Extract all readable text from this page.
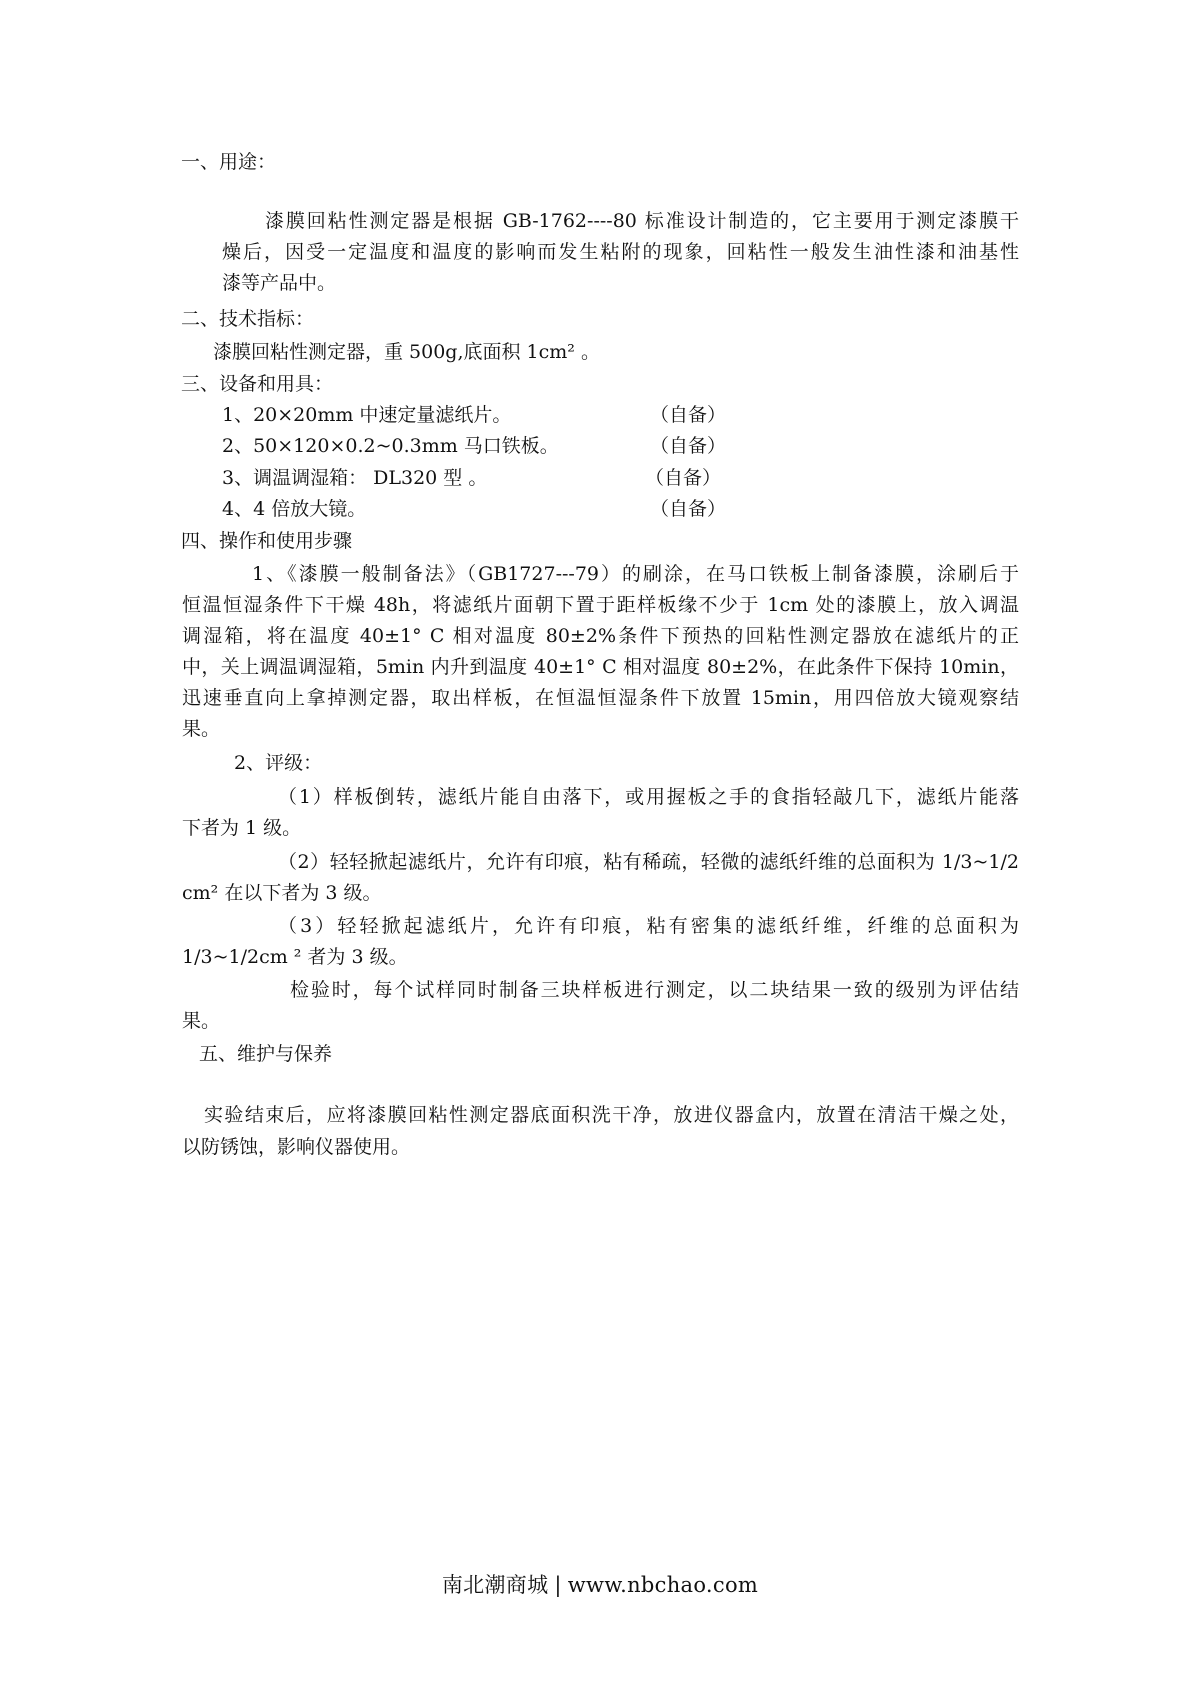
一、用途：
漆膜回粘性测定器是根据 GB-1762----80 标准设计制造的，它主要用于测定漆膜干
燥后，因受一定温度和温度的影响而发生粘附的现象，回粘性一般发生油性漆和油基性
漆等产品中。
二、技术指标：
漆膜回粘性测定器，重 500g,底面积 1cm² 。
三、设备和用具：
1、20×20mm 中速定量滤纸片。	（自备）
2、50×120×0.2~0.3mm 马口铁板。	（自备）
3、调温调湿箱： DL320 型 。	（自备）
4、4 倍放大镜。	（自备）
四、操作和使用步骤
1、《漆膜一般制备法》（GB1727---79）的刷涂，在马口铁板上制备漆膜，涂刷后于
恒温恒湿条件下干燥 48h，将滤纸片面朝下置于距样板缘不少于 1cm 处的漆膜上，放入调温
调湿箱，将在温度 40±1° C 相对温度 80±2%条件下预热的回粘性测定器放在滤纸片的正
中，关上调温调湿箱，5min 内升到温度 40±1° C 相对温度 80±2%，在此条件下保持 10min，
迅速垂直向上拿掉测定器，取出样板，在恒温恒湿条件下放置 15min，用四倍放大镜观察结
果。
2、评级：
（1）样板倒转，滤纸片能自由落下，或用握板之手的食指轻敲几下，滤纸片能落
下者为 1 级。
（2）轻轻掀起滤纸片，允许有印痕，粘有稀疏，轻微的滤纸纤维的总面积为 1/3~1/2
cm² 在以下者为 3 级。
（3）轻轻掀起滤纸片，允许有印痕，粘有密集的滤纸纤维，纤维的总面积为
1/3~1/2cm ² 者为 3 级。
检验时，每个试样同时制备三块样板进行测定，以二块结果一致的级别为评估结
果。
五、维护与保养
实验结束后，应将漆膜回粘性测定器底面积洗干净，放进仪器盒内，放置在清洁干燥之处，
以防锈蚀，影响仪器使用。
南北潮商城 | www.nbchao.com
